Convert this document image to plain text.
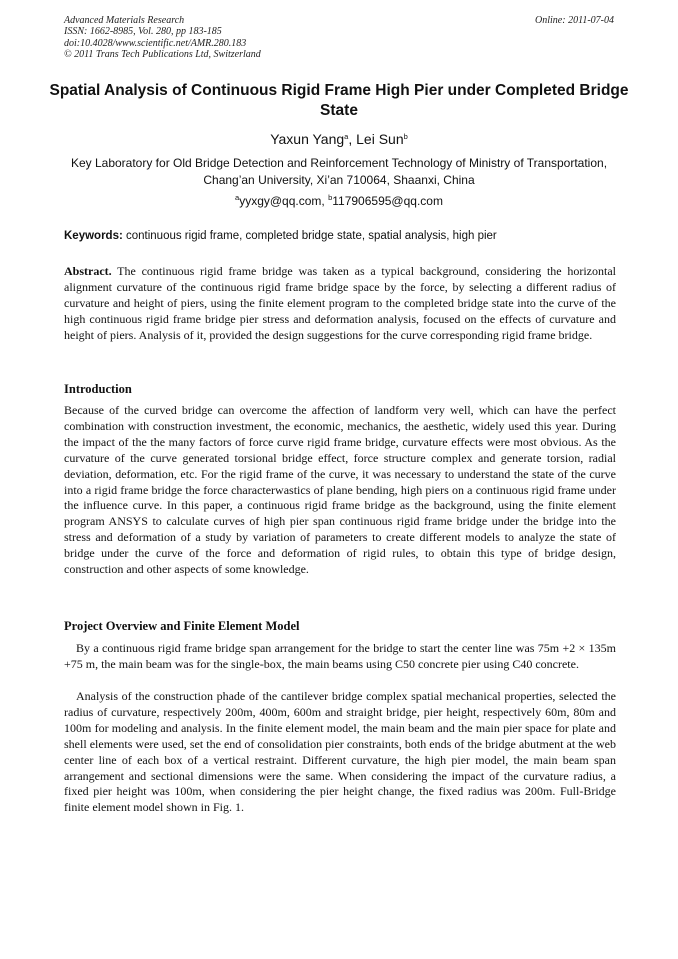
Advanced Materials Research
ISSN: 1662-8985, Vol. 280, pp 183-185
doi:10.4028/www.scientific.net/AMR.280.183
© 2011 Trans Tech Publications Ltd, Switzerland
Online: 2011-07-04
Spatial Analysis of Continuous Rigid Frame High Pier under Completed Bridge State
Yaxun Yang$^a$, Lei Sun$^b$
Key Laboratory for Old Bridge Detection and Reinforcement Technology of Ministry of Transportation, Chang’an University, Xi’an 710064, Shaanxi, China
$^a$yyxgy@qq.com, $^b$117906595@qq.com
Keywords: continuous rigid frame, completed bridge state, spatial analysis, high pier

Abstract. The continuous rigid frame bridge was taken as a typical background, considering the horizontal alignment curvature of the continuous rigid frame bridge space by the force, by selecting a different radius of curvature and height of piers, using the finite element program to the completed bridge state into the curve of the high continuous rigid frame bridge pier stress and deformation analysis, focused on the effects of curvature and height of piers. Analysis of it, provided the design suggestions for the curve corresponding rigid frame bridge.

Introduction

Because of the curved bridge can overcome the affection of landform very well, which can have the perfect combination with construction investment, the economic, mechanics, the aesthetic, widely used this year. During the impact of the the many factors of force curve rigid frame bridge, curvature effects were most obvious. As the curvature of the curve generated torsional bridge effect, force structure complex and generate torsion, radial deviation, deformation, etc. For the rigid frame of the curve, it was necessary to understand the state of the curve into a rigid frame bridge the force characterwastics of plane bending, high piers on a continuous rigid frame under the influence curve. In this paper, a continuous rigid frame bridge as the background, using the finite element program ANSYS to calculate curves of high pier span continuous rigid frame bridge under the bridge into the stress and deformation of a study by variation of parameters to create different models to analyze the state of bridge under the curve of the force and deformation of rigid rules, to obtain this type of bridge design, construction and other aspects of some knowledge.

Project Overview and Finite Element Model

By a continuous rigid frame bridge span arrangement for the bridge to start the center line was 75m +2 × 135m +75 m, the main beam was for the single-box, the main beams using C50 concrete pier using C40 concrete.

Analysis of the construction phade of the cantilever bridge complex spatial mechanical properties, selected the radius of curvature, respectively 200m, 400m, 600m and straight bridge, pier height, respectively 60m, 80m and 100m for modeling and analysis. In the finite element model, the main beam and the main pier space for plate and shell elements were used, set the end of consolidation pier constraints, both ends of the bridge abutment at the web center line of each box of a vertical restraint. Different curvature, the high pier model, the main beam span arrangement and sectional dimensions were the same. When considering the impact of the curvature radius, a fixed pier height was 100m, when considering the pier height change, the fixed radius was 200m. Full-Bridge finite element model shown in Fig. 1.
